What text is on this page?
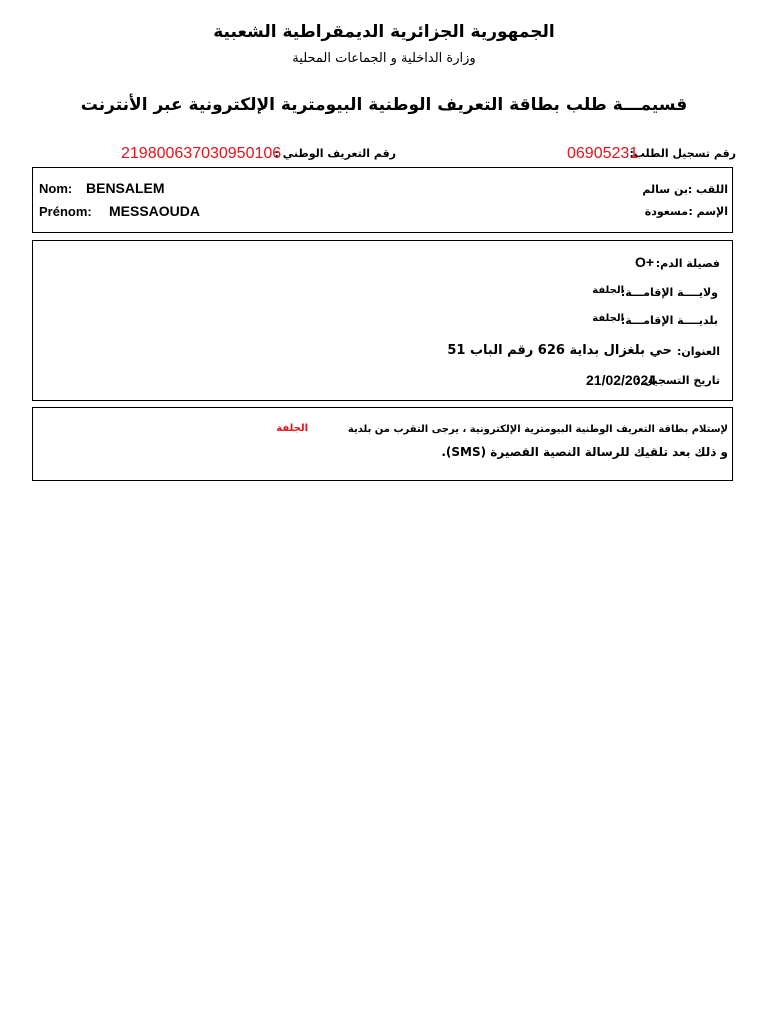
الجمهورية الجزائرية الديمقراطية الشعبية
وزارة الداخلية و الجماعات المحلية
قسيمـــة طلب بطاقة التعريف الوطنية البيومترية الإلكترونية عبر الأنترنت
رقم تسجيل الطلب:
06905231
رقم التعريف الوطني :
219800637030950106
Nom: BENSALEM
Prénom: MESSAOUDA
اللقب :
بن سالم
الإسم :
مسعودة
فصيلة الدم:
O+
ولايــــة الإقامـــة:
الجلفة
بلديــــة الإقامـــة:
الجلفة
العنوان:
حي بلغزال بداية 626 رقم الباب 51
تاريخ التسجيل :
21/02/2024
لإستلام بطاقة التعريف الوطنية البيومترية الإلكترونية ، يرجى التقرب من بلدية
الجلفة
و ذلك بعد تلقيك للرسالة النصية القصيرة (SMS).
